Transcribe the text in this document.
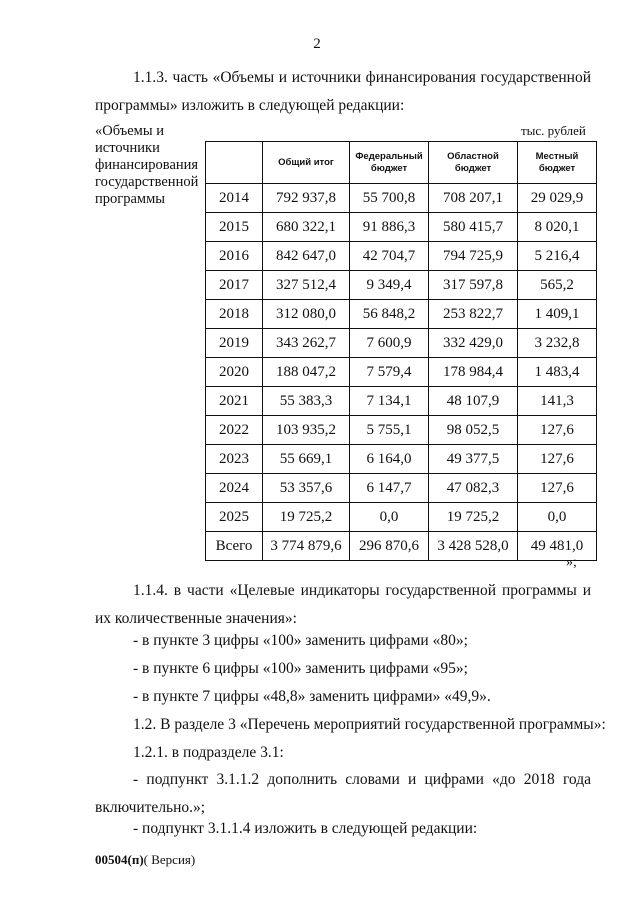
2
1.1.3. часть «Объемы и источники финансирования государственной программы» изложить в следующей редакции:
«Объемы и источники финансирования государственной программы
тыс. рублей
	Общий итог	Федеральный бюджет	Областной бюджет	Местный бюджет
2014	792 937,8	55 700,8	708 207,1	29 029,9
2015	680 322,1	91 886,3	580 415,7	8 020,1
2016	842 647,0	42 704,7	794 725,9	5 216,4
2017	327 512,4	9 349,4	317 597,8	565,2
2018	312 080,0	56 848,2	253 822,7	1 409,1
2019	343 262,7	7 600,9	332 429,0	3 232,8
2020	188 047,2	7 579,4	178 984,4	1 483,4
2021	55 383,3	7 134,1	48 107,9	141,3
2022	103 935,2	5 755,1	98 052,5	127,6
2023	55 669,1	6 164,0	49 377,5	127,6
2024	53 357,6	6 147,7	47 082,3	127,6
2025	19 725,2	0,0	19 725,2	0,0
Всего	3 774 879,6	296 870,6	3 428 528,0	49 481,0
»;
1.1.4. в части «Целевые индикаторы государственной программы и их количественные значения»:
- в пункте 3 цифры «100» заменить цифрами «80»;
- в пункте 6 цифры «100» заменить цифрами «95»;
- в пункте 7 цифры «48,8» заменить цифрами» «49,9».
1.2. В разделе 3 «Перечень мероприятий государственной программы»:
1.2.1. в подразделе 3.1:
- подпункт 3.1.1.2 дополнить словами и цифрами «до 2018 года включительно.»;
- подпункт 3.1.1.4 изложить в следующей редакции:
00504(п)( Версия)
